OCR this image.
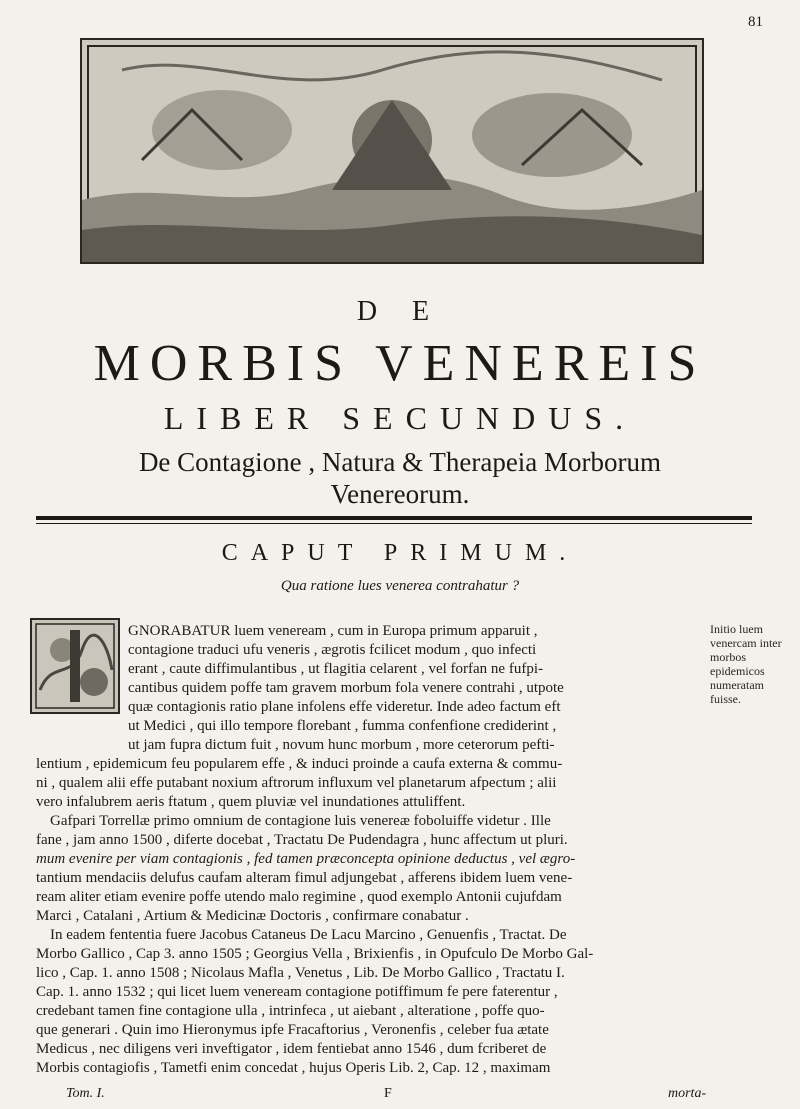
81
D E
MORBIS VENEREIS
LIBER SECUNDUS.
De Contagione , Natura & Therapeia Morborum
Venereorum.
CAPUT PRIMUM.
Qua ratione lues venerea contrahatur ?
Initio luem venercam inter morbos epidemicos numeratam fuisse.
GNORABATUR luem veneream , cum in Europa primum apparuit ,
contagione traduci ufu veneris , ægrotis fcilicet modum , quo infecti
erant , caute diffimulantibus , ut flagitia celarent , vel forfan ne fufpi-
cantibus quidem poffe tam gravem morbum fola venere contrahi , utpote
quæ contagionis ratio plane infolens effe videretur. Inde adeo factum eft
ut Medici , qui illo tempore florebant , fumma confenfione crediderint ,
ut jam fupra dictum fuit , novum hunc morbum , more ceterorum pefti-
lentium , epidemicum feu popularem effe , & induci proinde a caufa externa & commu-
ni , qualem alii effe putabant noxium aftrorum influxum vel planetarum afpectum ; alii
vero infalubrem aeris ftatum , quem pluviæ vel inundationes attuliffent.
Gafpari Torrellæ primo omnium de contagione luis venereæ foboluiffe videtur . Ille
fane , jam anno 1500 , diferte docebat , Tractatu De Pudendagra , hunc affectum ut pluri.
mum evenire per viam contagionis , fed tamen præconcepta opinione deductus , vel ægro-
tantium mendaciis delufus caufam alteram fimul adjungebat , afferens ibidem luem vene-
ream aliter etiam evenire poffe utendo malo regimine , quod exemplo Antonii cujufdam
Marci , Catalani , Artium & Medicinæ Doctoris , confirmare conabatur .
In eadem fententia fuere Jacobus Cataneus De Lacu Marcino , Genuenfis , Tractat. De
Morbo Gallico , Cap 3. anno 1505 ; Georgius Vella , Brixienfis , in Opufculo De Morbo Gal-
lico , Cap. 1. anno 1508 ; Nicolaus Mafla , Venetus , Lib. De Morbo Gallico , Tractatu I.
Cap. 1. anno 1532 ; qui licet luem veneream contagione potiffimum fe pere faterentur ,
credebant tamen fine contagione ulla , intrinfeca , ut aiebant , alteratione , poffe quo-
que generari . Quin imo Hieronymus ipfe Fracaftorius , Veronenfis , celeber fua ætate
Medicus , nec diligens veri inveftigator , idem fentiebat anno 1546 , dum fcriberet de
Morbis contagiofis , Tametfi enim concedat , hujus Operis Lib. 2, Cap. 12 , maximam
Tom. I.	F	morta-
